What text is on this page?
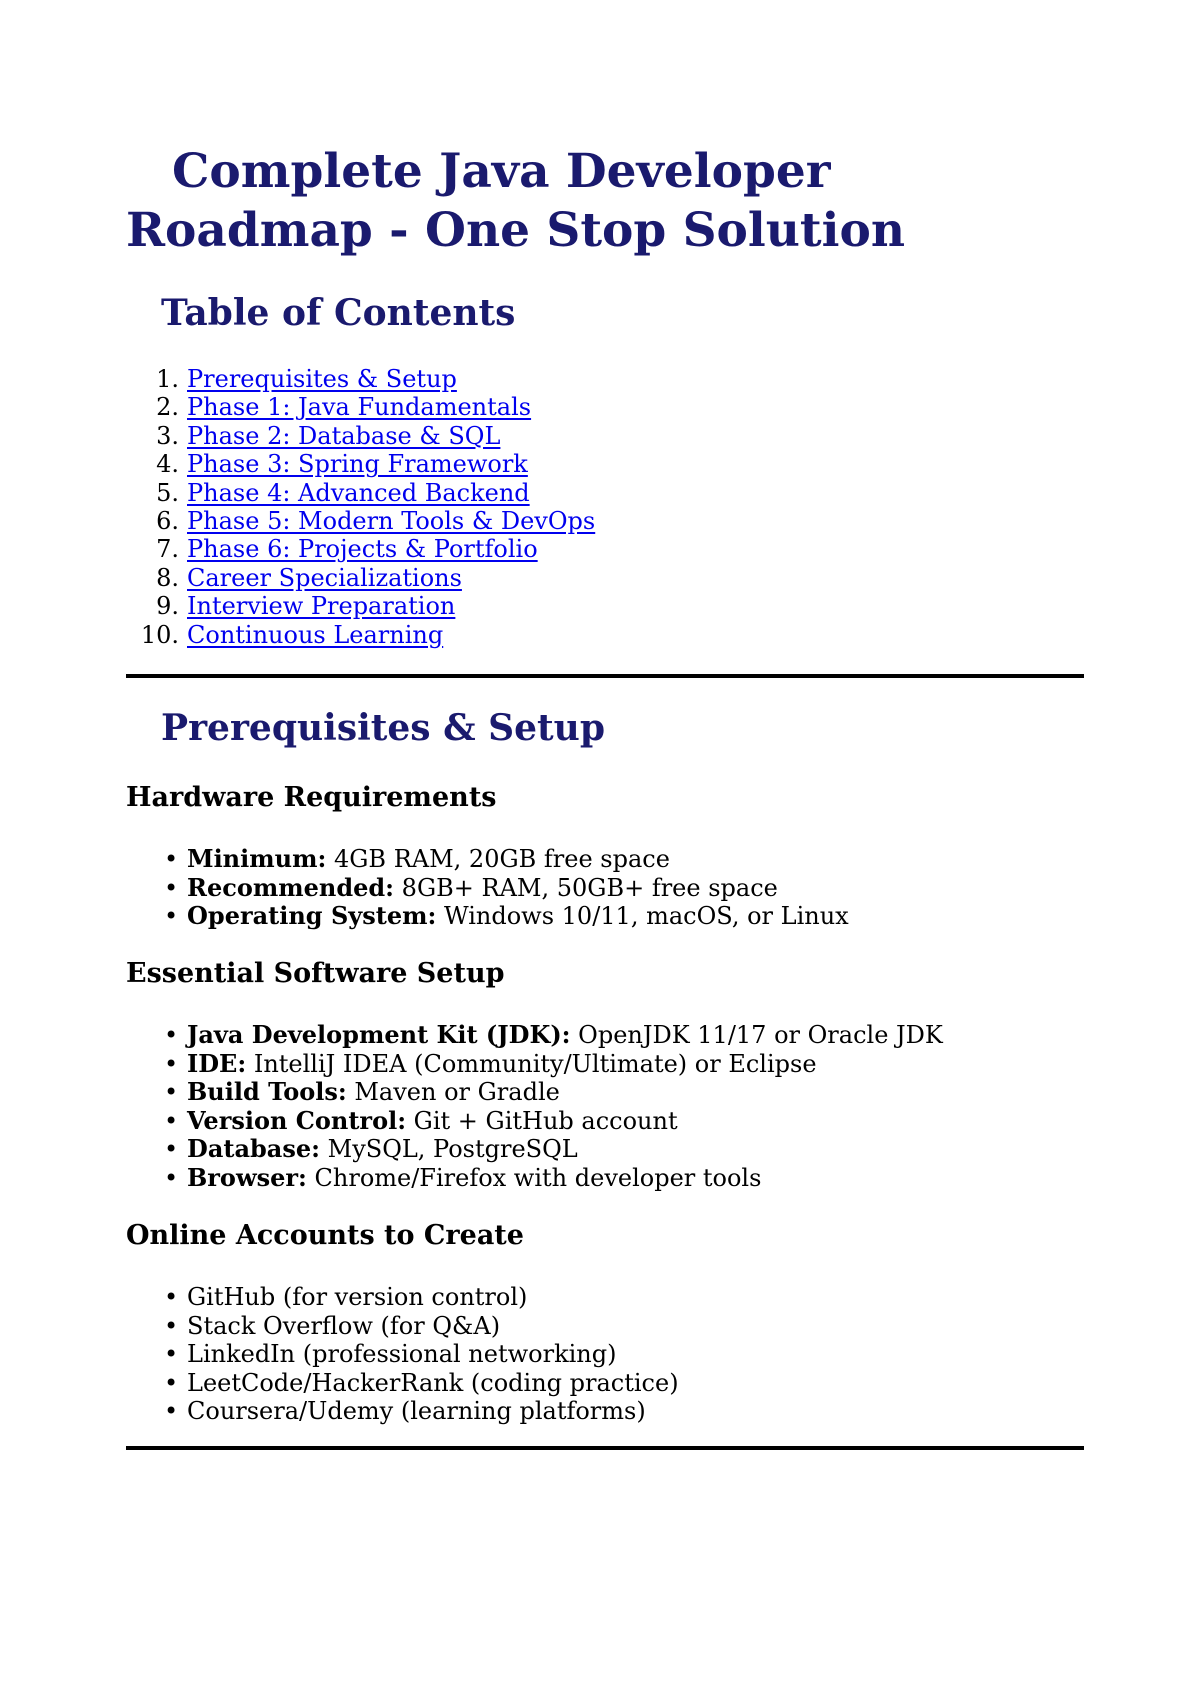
Complete Java Developer
Roadmap - One Stop Solution
Table of Contents
1. Prerequisites & Setup
2. Phase 1: Java Fundamentals
3. Phase 2: Database & SQL
4. Phase 3: Spring Framework
5. Phase 4: Advanced Backend
6. Phase 5: Modern Tools & DevOps
7. Phase 6: Projects & Portfolio
8. Career Specializations
9. Interview Preparation
10. Continuous Learning
Prerequisites & Setup
Hardware Requirements
• Minimum: 4GB RAM, 20GB free space
• Recommended: 8GB+ RAM, 50GB+ free space
• Operating System: Windows 10/11, macOS, or Linux
Essential Software Setup
• Java Development Kit (JDK): OpenJDK 11/17 or Oracle JDK
• IDE: IntelliJ IDEA (Community/Ultimate) or Eclipse
• Build Tools: Maven or Gradle
• Version Control: Git + GitHub account
• Database: MySQL, PostgreSQL
• Browser: Chrome/Firefox with developer tools
Online Accounts to Create
• GitHub (for version control)
• Stack Overflow (for Q&A)
• LinkedIn (professional networking)
• LeetCode/HackerRank (coding practice)
• Coursera/Udemy (learning platforms)
